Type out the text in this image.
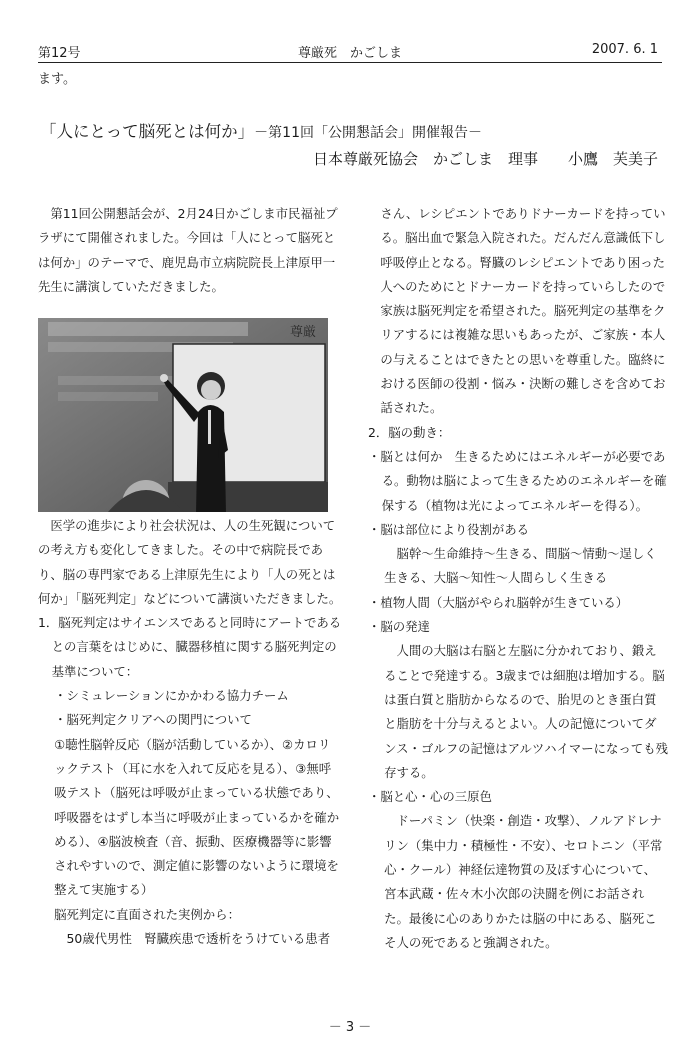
第12号	尊厳死　かごしま	2007. 6. 1
ます。
「人にとって脳死とは何か」－第11回「公開懇話会」開催報告－
日本尊厳死協会　かごしま　理事　　小鷹　芙美子

第11回公開懇話会が、2月24日かごしま市民福祉プラザにて開催されました。今回は「人にとって脳死とは何か」のテーマで、鹿児島市立病院院長上津原甲一先生に講演していただきました。

尊厳

医学の進歩により社会状況は、人の生死観についての考え方も変化してきました。その中で病院長であり、脳の専門家である上津原先生により「人の死とは何か」「脳死判定」などについて講演いただきました。

1．脳死判定はサイエンスであると同時にアートであるとの言葉をはじめに、臓器移植に関する脳死判定の基準について：

・シミュレーションにかかわる協力チーム

・脳死判定クリアへの関門について

①聴性脳幹反応（脳が活動しているか）、②カロリックテスト（耳に水を入れて反応を見る）、③無呼吸テスト（脳死は呼吸が止まっている状態であり、呼吸器をはずし本当に呼吸が止まっているかを確かめる）、④脳波検査（音、振動、医療機器等に影響されやすいので、測定値に影響のないように環境を整えて実施する）

脳死判定に直面された実例から：

50歳代男性　腎臓疾患で透析をうけている患者

さん、レシピエントでありドナーカードを持っている。脳出血で緊急入院された。だんだん意識低下し呼吸停止となる。腎臓のレシピエントであり困った人へのためにとドナーカードを持っていらしたので家族は脳死判定を希望された。脳死判定の基準をクリアするには複雑な思いもあったが、ご家族・本人の与えることはできたとの思いを尊重した。臨終における医師の役割・悩み・決断の難しさを含めてお話された。

2．脳の動き：

・脳とは何か　生きるためにはエネルギーが必要である。動物は脳によって生きるためのエネルギーを確保する（植物は光によってエネルギーを得る）。

・脳は部位により役割がある

脳幹～生命維持～生きる、間脳～情動～逞しく生きる、大脳～知性～人間らしく生きる

・植物人間（大脳がやられ脳幹が生きている）

・脳の発達

人間の大脳は右脳と左脳に分かれており、鍛えることで発達する。3歳までは細胞は増加する。脳は蛋白質と脂肪からなるので、胎児のとき蛋白質と脂肪を十分与えるとよい。人の記憶についてダンス・ゴルフの記憶はアルツハイマーになっても残存する。

・脳と心・心の三原色

ドーパミン（快楽・創造・攻撃）、ノルアドレナリン（集中力・積極性・不安）、セロトニン（平常心・クール）神経伝達物質の及ぼす心について、宮本武蔵・佐々木小次郎の決闘を例にお話された。最後に心のありかたは脳の中にある、脳死こそ人の死であると強調された。

－ 3 －
